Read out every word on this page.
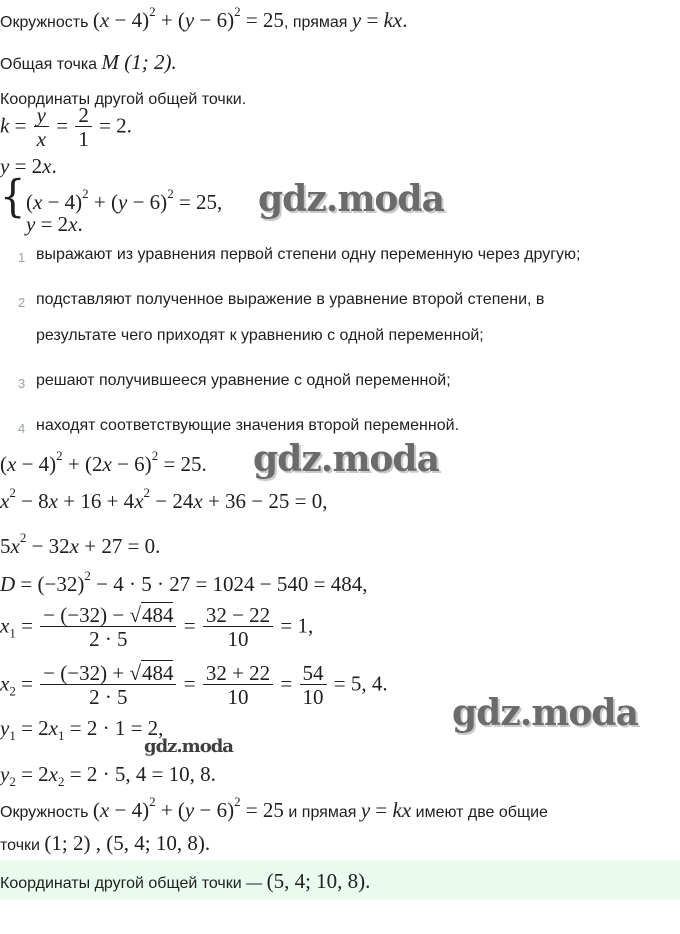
Окружность $(x - 4)^2 + (y - 6)^2 = 25$, прямая y = kx.
Общая точка M (1; 2).
Координаты другой общей точки.
$k = \frac{y}{x} = \frac{2}{1} = 2$.
y = 2x.
{ $(x - 4)^2 + (y - 6)^2 = 25$,
y = 2x.
gdz.moda
1 выражают из уравнения первой степени одну переменную через другую;
2 подставляют полученное выражение в уравнение второй степени, в
результате чего приходят к уравнению с одной переменной;
3 решают получившееся уравнение с одной переменной;
4 находят соответствующие значения второй переменной.
$(x - 4)^2 + (2x - 6)^2 = 25$. gdz.moda
$x^2 - 8x + 16 + 4x^2 - 24x + 36 - 25 = 0$,
$5x^2 - 32x + 27 = 0$.
$D = (-32)^2 - 4 \cdot 5 \cdot 27 = 1024 - 540 = 484$,
$x_1 = \frac{- (-32) - √484}{2 \cdot 5} = \frac{32 - 22}{10} = 1$,
$x_2 = \frac{- (-32) + √484}{2 \cdot 5} = \frac{32 + 22}{10} = \frac{54}{10} = 5$, 4.
gdz.moda
$y_1 = 2x_1 = 2 \cdot 1 = 2$,
gdz.moda
$y_2 = 2x_2 = 2 \cdot 5$, 4 = 10, 8.
Окружность $(x - 4)^2 + (y - 6)^2 = 25$ и прямая y = kx имеют две общие
точки (1; 2) , (5, 4; 10, 8).
Координаты другой общей точки — (5, 4; 10, 8).
